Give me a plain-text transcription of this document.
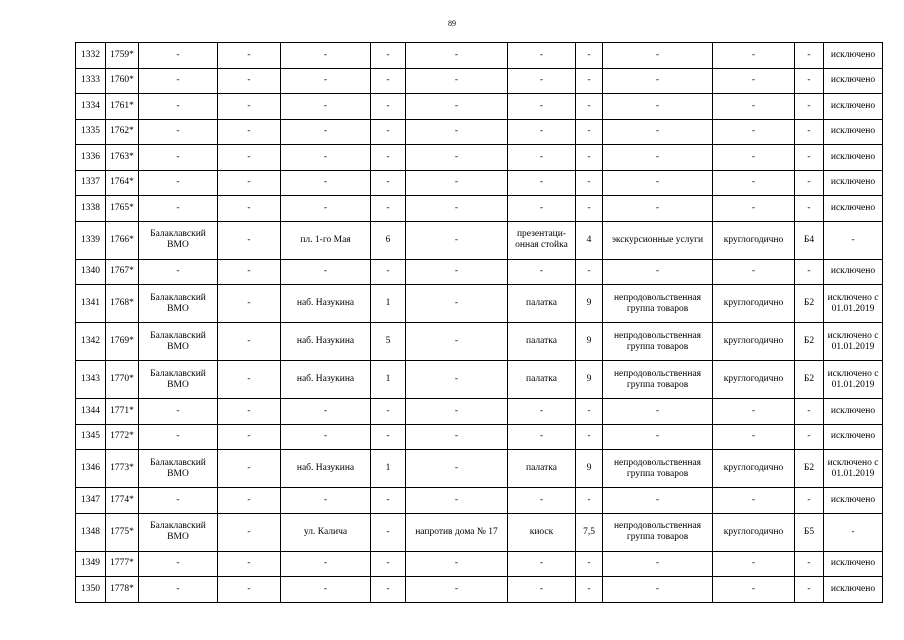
89
1332	1759*	-	-	-	-	-	-	-	-	-	-	исключено
1333	1760*	-	-	-	-	-	-	-	-	-	-	исключено
1334	1761*	-	-	-	-	-	-	-	-	-	-	исключено
1335	1762*	-	-	-	-	-	-	-	-	-	-	исключено
1336	1763*	-	-	-	-	-	-	-	-	-	-	исключено
1337	1764*	-	-	-	-	-	-	-	-	-	-	исключено
1338	1765*	-	-	-	-	-	-	-	-	-	-	исключено
1339	1766*	Балаклавский ВМО	-	пл. 1-го Мая	6	-	презентаци-онная стойка	4	экскурсионные услуги	круглогодично	Б4	-
1340	1767*	-	-	-	-	-	-	-	-	-	-	исключено
1341	1768*	Балаклавский ВМО	-	наб. Назукина	1	-	палатка	9	непродовольственная группа товаров	круглогодично	Б2	исключено с 01.01.2019
1342	1769*	Балаклавский ВМО	-	наб. Назукина	5	-	палатка	9	непродовольственная группа товаров	круглогодично	Б2	исключено с 01.01.2019
1343	1770*	Балаклавский ВМО	-	наб. Назукина	1	-	палатка	9	непродовольственная группа товаров	круглогодично	Б2	исключено с 01.01.2019
1344	1771*	-	-	-	-	-	-	-	-	-	-	исключено
1345	1772*	-	-	-	-	-	-	-	-	-	-	исключено
1346	1773*	Балаклавский ВМО	-	наб. Назукина	1	-	палатка	9	непродовольственная группа товаров	круглогодично	Б2	исключено с 01.01.2019
1347	1774*	-	-	-	-	-	-	-	-	-	-	исключено
1348	1775*	Балаклавский ВМО	-	ул. Калича	-	напротив дома № 17	киоск	7,5	непродовольственная группа товаров	круглогодично	Б5	-
1349	1777*	-	-	-	-	-	-	-	-	-	-	исключено
1350	1778*	-	-	-	-	-	-	-	-	-	-	исключено
